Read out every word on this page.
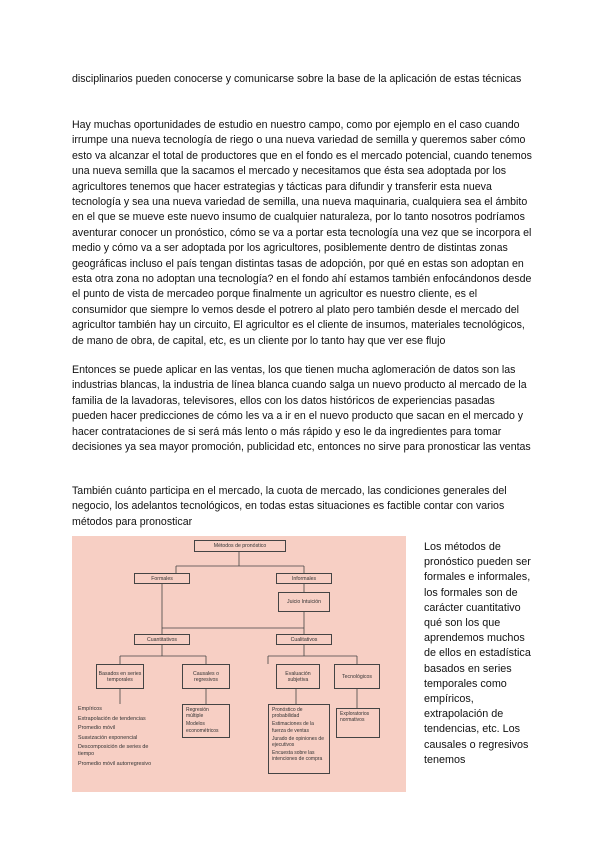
disciplinarios pueden conocerse y comunicarse sobre la base de la aplicación de estas técnicas

Hay muchas oportunidades de estudio en nuestro campo, como por ejemplo en el caso cuando irrumpe una nueva tecnología de riego o una nueva variedad de semilla y queremos saber cómo esto va alcanzar el total de productores que en el fondo es el mercado potencial, cuando tenemos una nueva semilla que la sacamos el mercado y necesitamos que ésta sea adoptada por los agricultores tenemos que hacer estrategias y tácticas para difundir y transferir esta nueva tecnología y sea una nueva variedad de semilla, una nueva maquinaria, cualquiera sea el ámbito en el que se mueve este nuevo insumo de cualquier naturaleza, por lo tanto nosotros podríamos aventurar conocer un pronóstico, cómo se va a portar esta tecnología una vez que se incorpora el medio y cómo va a ser adoptada por los agricultores, posiblemente dentro de distintas zonas geográficas incluso el país tengan distintas tasas de adopción, por qué en estas son adoptan en esta otra zona no adoptan una tecnología? en el fondo ahí estamos también enfocándonos desde el punto de vista de mercadeo porque finalmente un agricultor es nuestro cliente, es el consumidor que siempre lo vemos desde el potrero al plato pero también desde el mercado del agricultor también hay un circuito, El agricultor es el cliente de insumos, materiales tecnológicos, de mano de obra, de capital, etc, es un cliente por lo tanto hay que ver ese flujo

Entonces se puede aplicar en las ventas, los que tienen mucha aglomeración de datos son las industrias blancas, la industria de línea blanca cuando salga un nuevo producto al mercado de la familia de la lavadoras, televisores, ellos con los datos históricos de experiencias pasadas pueden hacer predicciones de cómo les va a ir en el nuevo producto que sacan en el mercado y hacer contrataciones de si será más lento o más rápido y eso le da ingredientes para tomar decisiones ya sea mayor promoción, publicidad etc, entonces no sirve para pronosticar las ventas

También cuánto participa en el mercado, la cuota de mercado, las condiciones generales del negocio, los adelantos tecnológicos, en todas estas situaciones es factible contar con varios métodos para pronosticar

Métodos de pronóstico
Formales	Informales
Juicio Intuición
Cuantitativos	Cualitativos
Basados en series temporales
Causales o regresivos
Evaluación subjetiva	Tecnológicos
Empíricos
Extrapolación de tendencias
Promedio móvil
Suavización exponencial
Descomposición de series de tiempo
Promedio móvil autorregresivo
Regresión múltiple
Modelos econométricos
Pronóstico de probabilidad
Estimaciones de la fuerza de ventas
Jurado de opiniones de ejecutivos
Encuesta sobre las intenciones de compra
Exploratorios normativos

Los métodos de pronóstico pueden ser formales e informales, los formales son de carácter cuantitativo qué son los que aprendemos muchos de ellos en estadística basados en series temporales como empíricos, extrapolación de tendencias, etc. Los causales o regresivos tenemos
